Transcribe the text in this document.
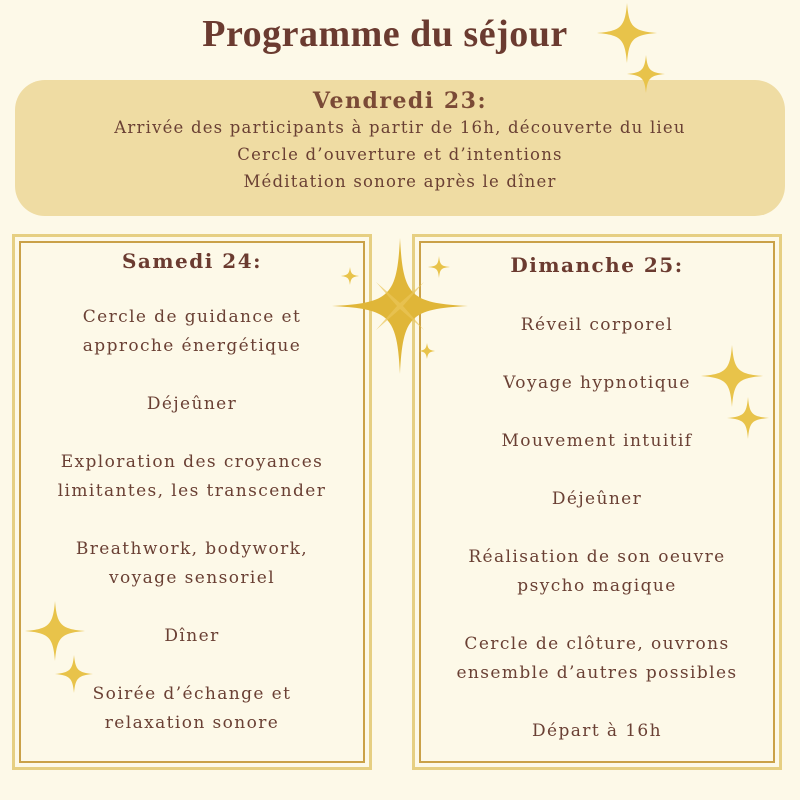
Programme du séjour
Vendredi 23:
Arrivée des participants à partir de 16h, découverte du lieu
Cercle d’ouverture et d’intentions
Méditation sonore après le dîner
Samedi 24:
Cercle de guidance et
approche énergétique
Déjeûner
Exploration des croyances
limitantes, les transcender
Breathwork, bodywork,
voyage sensoriel
Dîner
Soirée d’échange et
relaxation sonore
Dimanche 25:
Réveil corporel
Voyage hypnotique
Mouvement intuitif
Déjeûner
Réalisation de son oeuvre
psycho magique
Cercle de clôture, ouvrons
ensemble d’autres possibles
Départ à 16h
